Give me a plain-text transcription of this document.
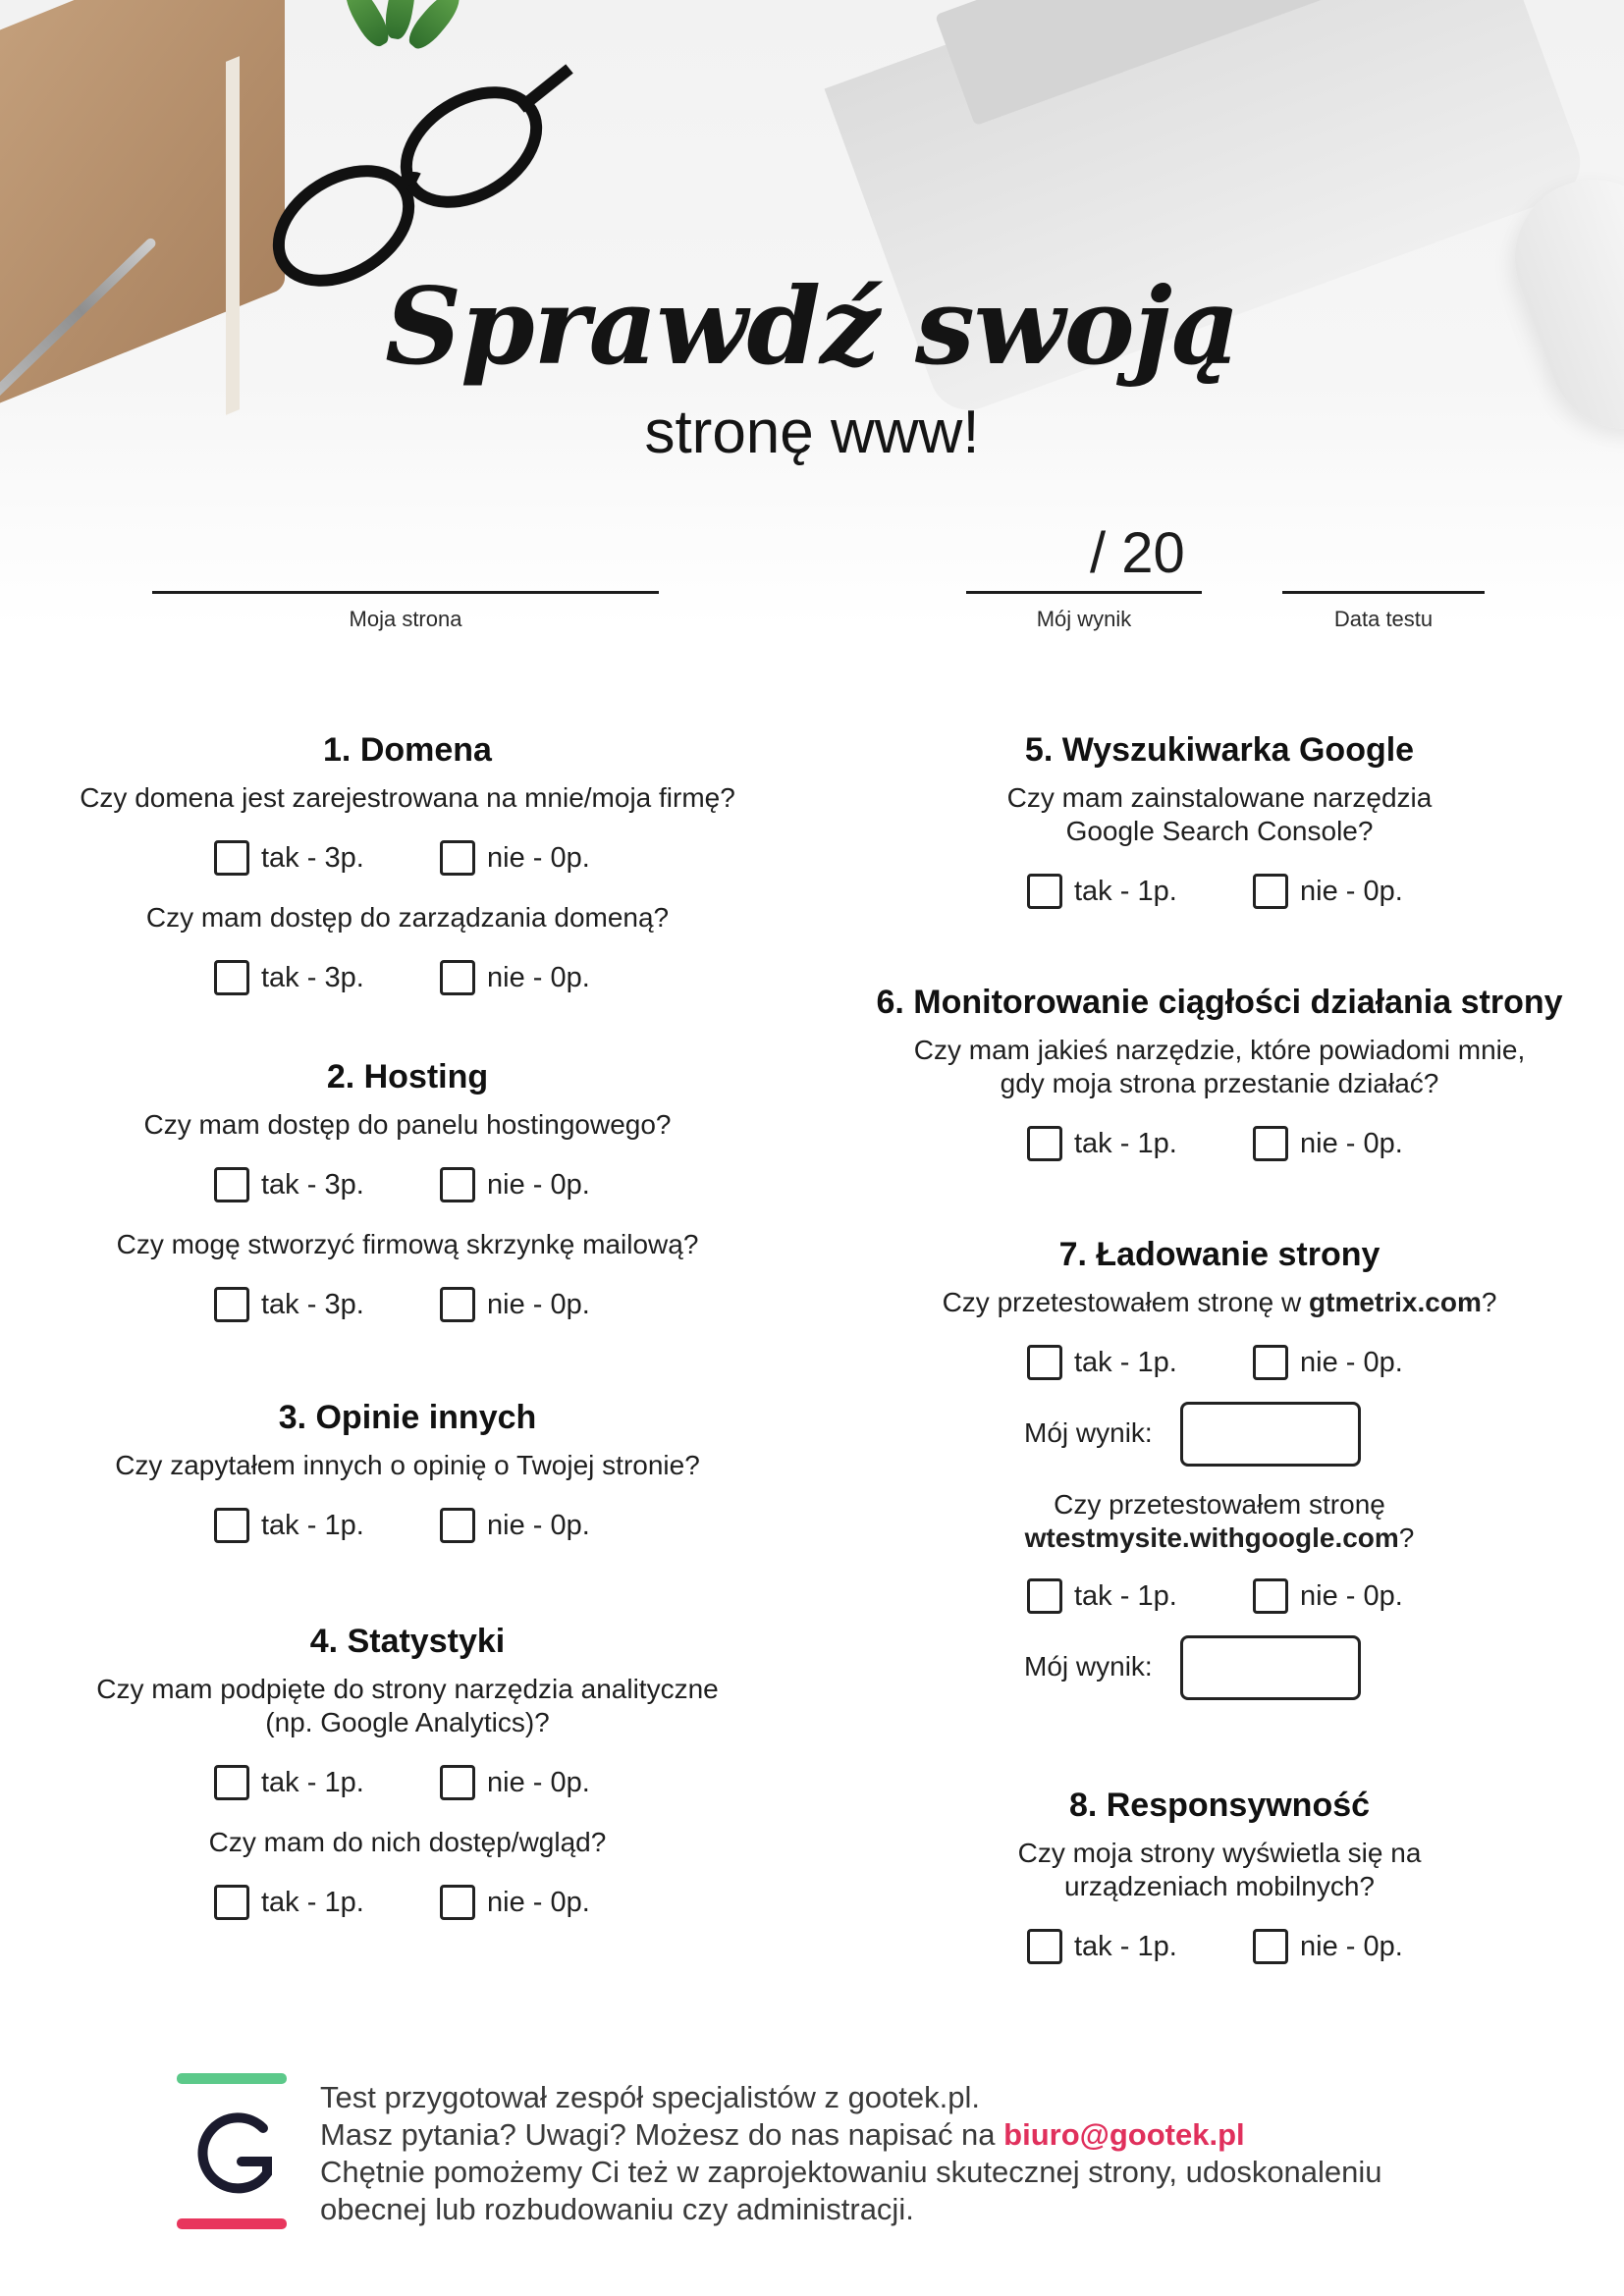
Sprawdź swoją
stronę www!
Moja strona
/ 20
Mój wynik	Data testu
1. Domena
Czy domena jest zarejestrowana na mnie/moja firmę?
tak - 3p.	nie - 0p.
Czy mam dostęp do zarządzania domeną?
tak - 3p.	nie - 0p.
2. Hosting
Czy mam dostęp do panelu hostingowego?
tak - 3p.	nie - 0p.
Czy mogę stworzyć firmową skrzynkę mailową?
tak - 3p.	nie - 0p.
3. Opinie innych
Czy zapytałem innych o opinię o Twojej stronie?
tak - 1p.	nie - 0p.
4. Statystyki
Czy mam podpięte do strony narzędzia analityczne
(np. Google Analytics)?
tak - 1p.	nie - 0p.
Czy mam do nich dostęp/wgląd?
tak - 1p.	nie - 0p.
5. Wyszukiwarka Google
Czy mam zainstalowane narzędzia
Google Search Console?
tak - 1p.	nie - 0p.
6. Monitorowanie ciągłości działania strony
Czy mam jakieś narzędzie, które powiadomi mnie,
gdy moja strona przestanie działać?
tak - 1p.	nie - 0p.
7. Ładowanie strony
Czy przetestowałem stronę w gtmetrix.com?
tak - 1p.	nie - 0p.
Mój wynik:
Czy przetestowałem stronę
wtestmysite.withgoogle.com?
tak - 1p.	nie - 0p.
Mój wynik:
8. Responsywność
Czy moja strony wyświetla się na
urządzeniach mobilnych?
tak - 1p.	nie - 0p.
Test przygotował zespół specjalistów z gootek.pl.
Masz pytania? Uwagi? Możesz do nas napisać na biuro@gootek.pl
Chętnie pomożemy Ci też w zaprojektowaniu skutecznej strony, udoskonaleniu
obecnej lub rozbudowaniu czy administracji.
